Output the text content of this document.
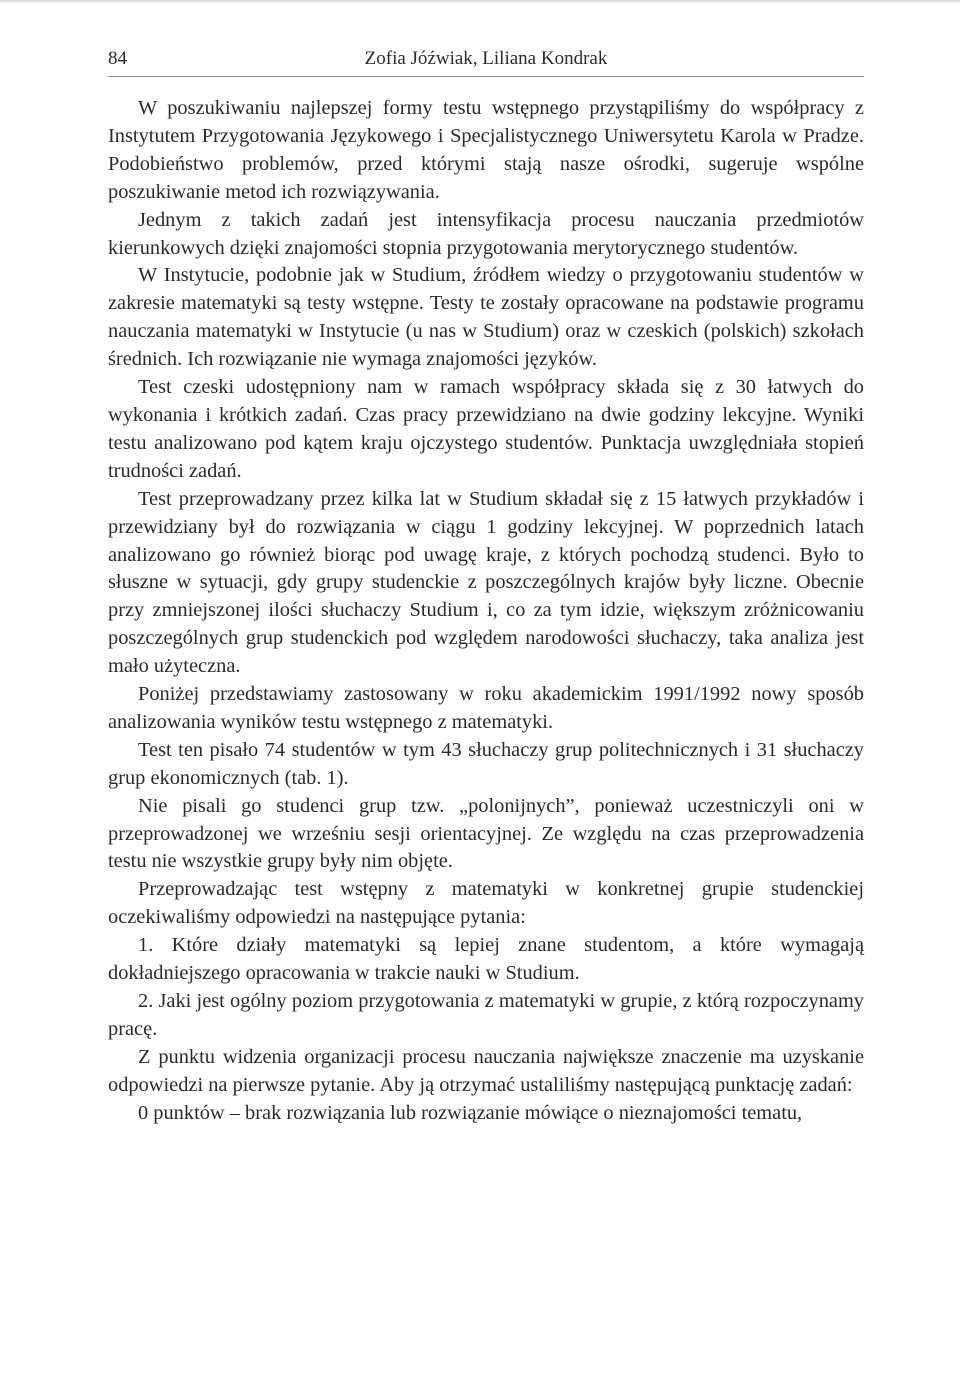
84	Zofia Jóźwiak, Liliana Kondrak

W poszukiwaniu najlepszej formy testu wstępnego przystąpiliśmy do współpracy z Instytutem Przygotowania Językowego i Specjalistycznego Uniwersytetu Karola w Pradze. Podobieństwo problemów, przed którymi stają nasze ośrodki, sugeruje wspólne poszukiwanie metod ich rozwiązywania.

Jednym z takich zadań jest intensyfikacja procesu nauczania przedmiotów kierunkowych dzięki znajomości stopnia przygotowania merytorycznego studentów.

W Instytucie, podobnie jak w Studium, źródłem wiedzy o przygotowaniu studentów w zakresie matematyki są testy wstępne. Testy te zostały opracowane na podstawie programu nauczania matematyki w Instytucie (u nas w Studium) oraz w czeskich (polskich) szkołach średnich. Ich rozwiązanie nie wymaga znajomości języków.

Test czeski udostępniony nam w ramach współpracy składa się z 30 łatwych do wykonania i krótkich zadań. Czas pracy przewidziano na dwie godziny lekcyjne. Wyniki testu analizowano pod kątem kraju ojczystego studentów. Punktacja uwzględniała stopień trudności zadań.

Test przeprowadzany przez kilka lat w Studium składał się z 15 łatwych przykładów i przewidziany był do rozwiązania w ciągu 1 godziny lekcyjnej. W poprzednich latach analizowano go również biorąc pod uwagę kraje, z których pochodzą studenci. Było to słuszne w sytuacji, gdy grupy studenckie z poszczególnych krajów były liczne. Obecnie przy zmniejszonej ilości słuchaczy Studium i, co za tym idzie, większym zróżnicowaniu poszczególnych grup studenckich pod względem narodowości słuchaczy, taka analiza jest mało użyteczna.

Poniżej przedstawiamy zastosowany w roku akademickim 1991/1992 nowy sposób analizowania wyników testu wstępnego z matematyki.

Test ten pisało 74 studentów w tym 43 słuchaczy grup politechnicznych i 31 słuchaczy grup ekonomicznych (tab. 1).

Nie pisali go studenci grup tzw. „polonijnych”, ponieważ uczestniczyli oni w przeprowadzonej we wrześniu sesji orientacyjnej. Ze względu na czas przeprowadzenia testu nie wszystkie grupy były nim objęte.

Przeprowadzając test wstępny z matematyki w konkretnej grupie studenckiej oczekiwaliśmy odpowiedzi na następujące pytania:

1. Które działy matematyki są lepiej znane studentom, a które wymagają dokładniejszego opracowania w trakcie nauki w Studium.

2. Jaki jest ogólny poziom przygotowania z matematyki w grupie, z którą rozpoczynamy pracę.

Z punktu widzenia organizacji procesu nauczania największe znaczenie ma uzyskanie odpowiedzi na pierwsze pytanie. Aby ją otrzymać ustaliliśmy następującą punktację zadań:

0 punktów – brak rozwiązania lub rozwiązanie mówiące o nieznajomości tematu,
